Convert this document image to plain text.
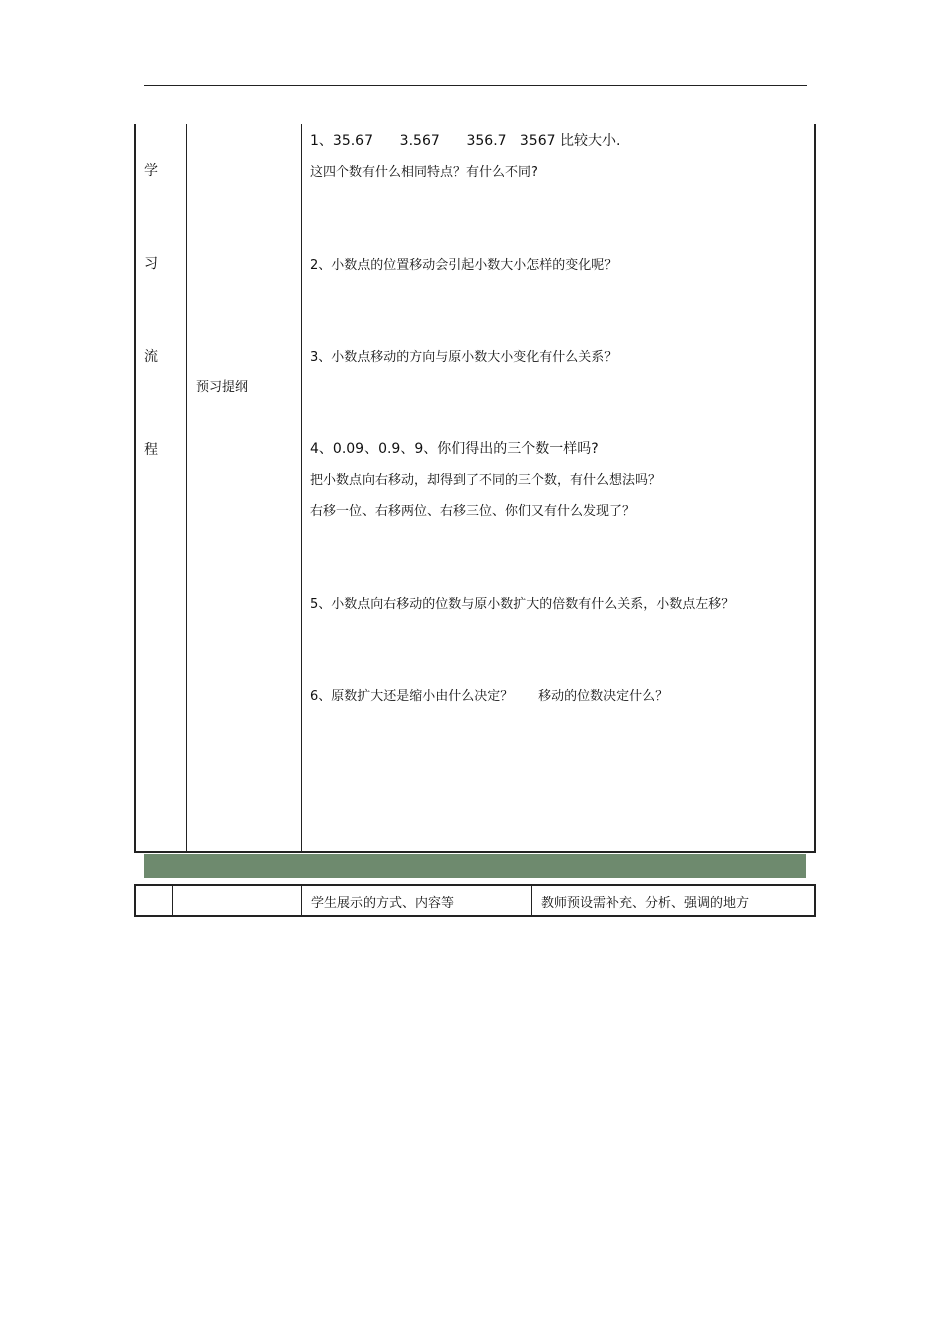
学
习
流
程
预习提纲
1、35.67      3.567      356.7   3567 比较大小.
这四个数有什么相同特点？有什么不同?
2、小数点的位置移动会引起小数大小怎样的变化呢？
3、小数点移动的方向与原小数大小变化有什么关系？
4、0.09、0.9、9、你们得出的三个数一样吗?
把小数点向右移动，却得到了不同的三个数，有什么想法吗？
右移一位、右移两位、右移三位、你们又有什么发现了？
5、小数点向右移动的位数与原小数扩大的倍数有什么关系，小数点左移？
6、原数扩大还是缩小由什么决定？      移动的位数决定什么？
学生展示的方式、内容等	教师预设需补充、分析、强调的地方
